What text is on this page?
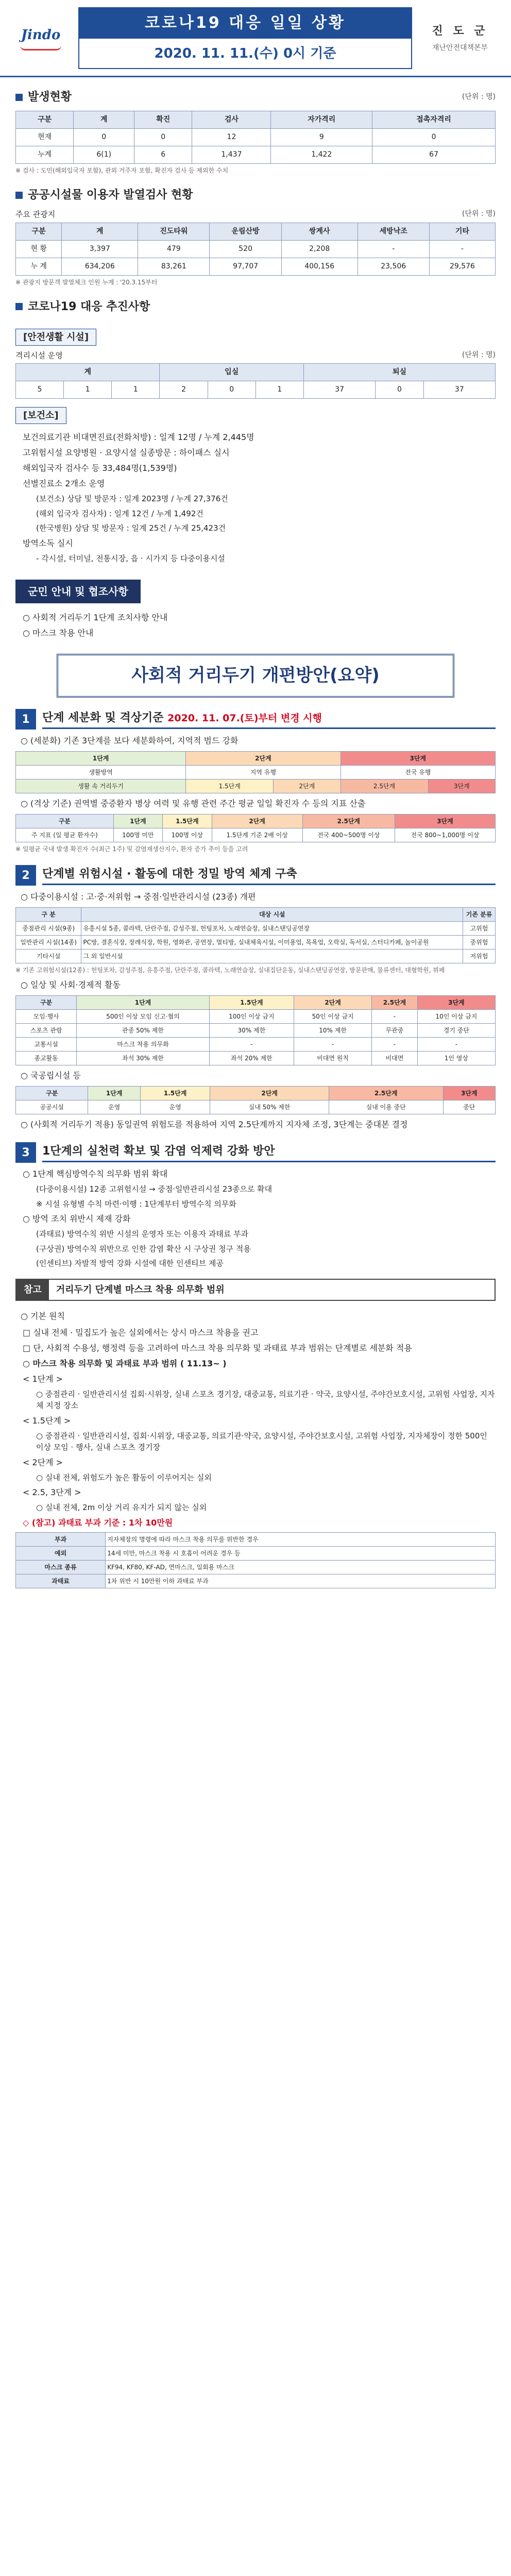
Jindo
코로나19 대응 일일 상황
2020. 11. 11.(수) 0시 기준
진 도 군
재난안전대책본부
발생현황	(단위 : 명)
구분	계	확진	검사	자가격리	접촉자격리
현재	0	0	12	9	0
누계	6(1)	6	1,437	1,422	67
※ 검사 : 도민(해외입국자 포함), 관외 거주자 포함, 확진자 검사 등 제외한 수치
공공시설물 이용자 발열검사 현황
주요 관광지	(단위 : 명)
구분	계	진도타워	운림산방	쌍계사	세방낙조	기타
현 황	3,397	479	520	2,208	-	-
누 계	634,206	83,261	97,707	400,156	23,506	29,576
※ 관광지 방문객 발열체크 인원 누계 : '20.3.15부터
코로나19 대응 추진사항
[안전생활 시설]
격리시설 운영	(단위 : 명)
계			입실			퇴실		
5	1	1	2	0	1	37	0	37
[보건소]

보건의료기관 비대면진료(전화처방) : 일계 12명 / 누계 2,445명

고위험시설 요양병원 · 요양시설 실종방문 : 하이패스 실시

해외입국자 검사수 등 33,484명(1,539명)

선별진료소 2개소 운영

(보건소) 상담 및 방문자 : 일계 2023명 / 누계 27,376건

(해외 입국자 검사자) : 일계 12건 / 누계 1,492건

(한국병원) 상담 및 방문자 : 일계 25건 / 누계 25,423건

방역소독 실시

- 각시설, 터미널, 전통시장, 읍 · 시가지 등 다중이용시설

군민 안내 및 협조사항

○ 사회적 거리두기 1단계 조치사항 안내

○ 마스크 착용 안내

사회적 거리두기 개편방안(요약)
1	단계 세분화 및 격상기준 2020. 11. 07.(토)부터 변경 시행
○ (세분화) 기존 3단계를 보다 세분화하여, 지역적 범드 강화
1단계	2단계		3단계	
생활방역	지역 유행		전국 유행	
생활 속 거리두기	1.5단계	2단계	2.5단계	3단계
○ (격상 기준) 권역별 중증환자 병상 여력 및 유행 관련 주간 평균 일일 확진자 수 등의 지표 산출
구분	1단계	1.5단계	2단계	2.5단계	3단계
주 지표 (일 평균 환자수)	100명 미만	100명 이상	1.5단계 기준 2배 이상	전국 400~500명 이상	전국 800~1,000명 이상
※ 일평균 국내 발생 확진자 수(최근 1주) 및 감염재생산지수, 환자 증가 추이 등을 고려
2	단계별 위험시설 · 활동에 대한 정밀 방역 체계 구축
○ 다중이용시설 : 고·중·저위험 → 중점·일반관리시설 (23종) 개편
구 분	대상 시설	기존 분류
중점관리 시설(9종)	유흥시설 5종, 콜라텍, 단란주점, 감성주점, 헌팅포차, 노래연습장, 실내스탠딩공연장	고위험
일반관리 시설(14종)	PC방, 결혼식장, 장례식장, 학원, 영화관, 공연장, 멀티방, 실내체육시설, 이미용업, 목욕업, 오락실, 독서실, 스터디카페, 놀이공원	중위험
기타시설	그 외 일반시설	저위험
※ 기존 고위험시설(12종) : 헌팅포차, 감성주점, 유흥주점, 단란주점, 콜라텍, 노래연습장, 실내집단운동, 실내스탠딩공연장, 방문판매, 물류센터, 대형학원, 뷔페
○ 일상 및 사회·경제적 활동
구분	1단계	1.5단계	2단계	2.5단계	3단계
모임·행사	500인 이상 모임 신고·협의	100인 이상 금지	50인 이상 금지	-	10인 이상 금지
스포츠 관람	관중 50% 제한	30% 제한	10% 제한	무관중	경기 중단
교통시설	마스크 착용 의무화	-	-	-	-
종교활동	좌석 30% 제한	좌석 20% 제한	비대면 원칙	비대면	1인 영상
○ 국공립시설 등
구분	1단계	1.5단계	2단계	2.5단계	3단계
공공시설	운영	운영	실내 50% 제한	실내 이용 중단	중단
○ (사회적 거리두기 적용) 동일권역 위험도를 적용하여 지역 2.5단계까지 지자체 조정, 3단계는 중대본 결정
3	1단계의 실천력 확보 및 감염 억제력 강화 방안

○ 1단계 핵심방역수칙 의무화 범위 확대

(다중이용시설) 12종 고위험시설 → 중점·일반관리시설 23종으로 확대

※ 시설 유형별 수칙 마련·이행 : 1단계부터 방역수칙 의무화

○ 방역 조치 위반시 제재 강화

(과태료) 방역수칙 위반 시설의 운영자 또는 이용자 과태료 부과

(구상권) 방역수칙 위반으로 인한 감염 확산 시 구상권 청구 적용

(인센티브) 자발적 방역 강화 시설에 대한 인센티브 제공

참고	거리두기 단계별 마스크 착용 의무화 범위
○ 기본 원칙

□ 실내 전체 · 밀집도가 높은 실외에서는 상시 마스크 착용을 권고

□ 단, 사회적 수용성, 행정력 등을 고려하여 마스크 착용 의무화 및 과태료 부과 범위는 단계별로 세분화 적용

○ 마스크 착용 의무화 및 과태료 부과 범위 ( 11.13~ )

< 1단계 >

○ 중점관리 · 일반관리시설 집회·시위장, 실내 스포츠 경기장, 대중교통, 의료기관 · 약국, 요양시설, 주야간보호시설, 고위험 사업장, 지자체 지정 장소

< 1.5단계 >

○ 중점관리 · 일반관리시설, 집회·시위장, 대중교통, 의료기관·약국, 요양시설, 주야간보호시설, 고위험 사업장, 지자체장이 정한 500인 이상 모임 · 행사, 실내 스포츠 경기장

< 2단계 >

○ 실내 전체, 위험도가 높은 활동이 이루어지는 실외

< 2.5, 3단계 >

○ 실내 전체, 2m 이상 거리 유지가 되지 않는 실외

◇ (참고) 과태료 부과 기준 : 1차 10만원

부과	지자체장의 명령에 따라 마스크 착용 의무를 위반한 경우
예외	14세 미만, 마스크 착용 시 호흡이 어려운 경우 등
마스크 종류	KF94, KF80, KF-AD, 면마스크, 일회용 마스크
과태료	1차 위반 시 10만원 이하 과태료 부과
